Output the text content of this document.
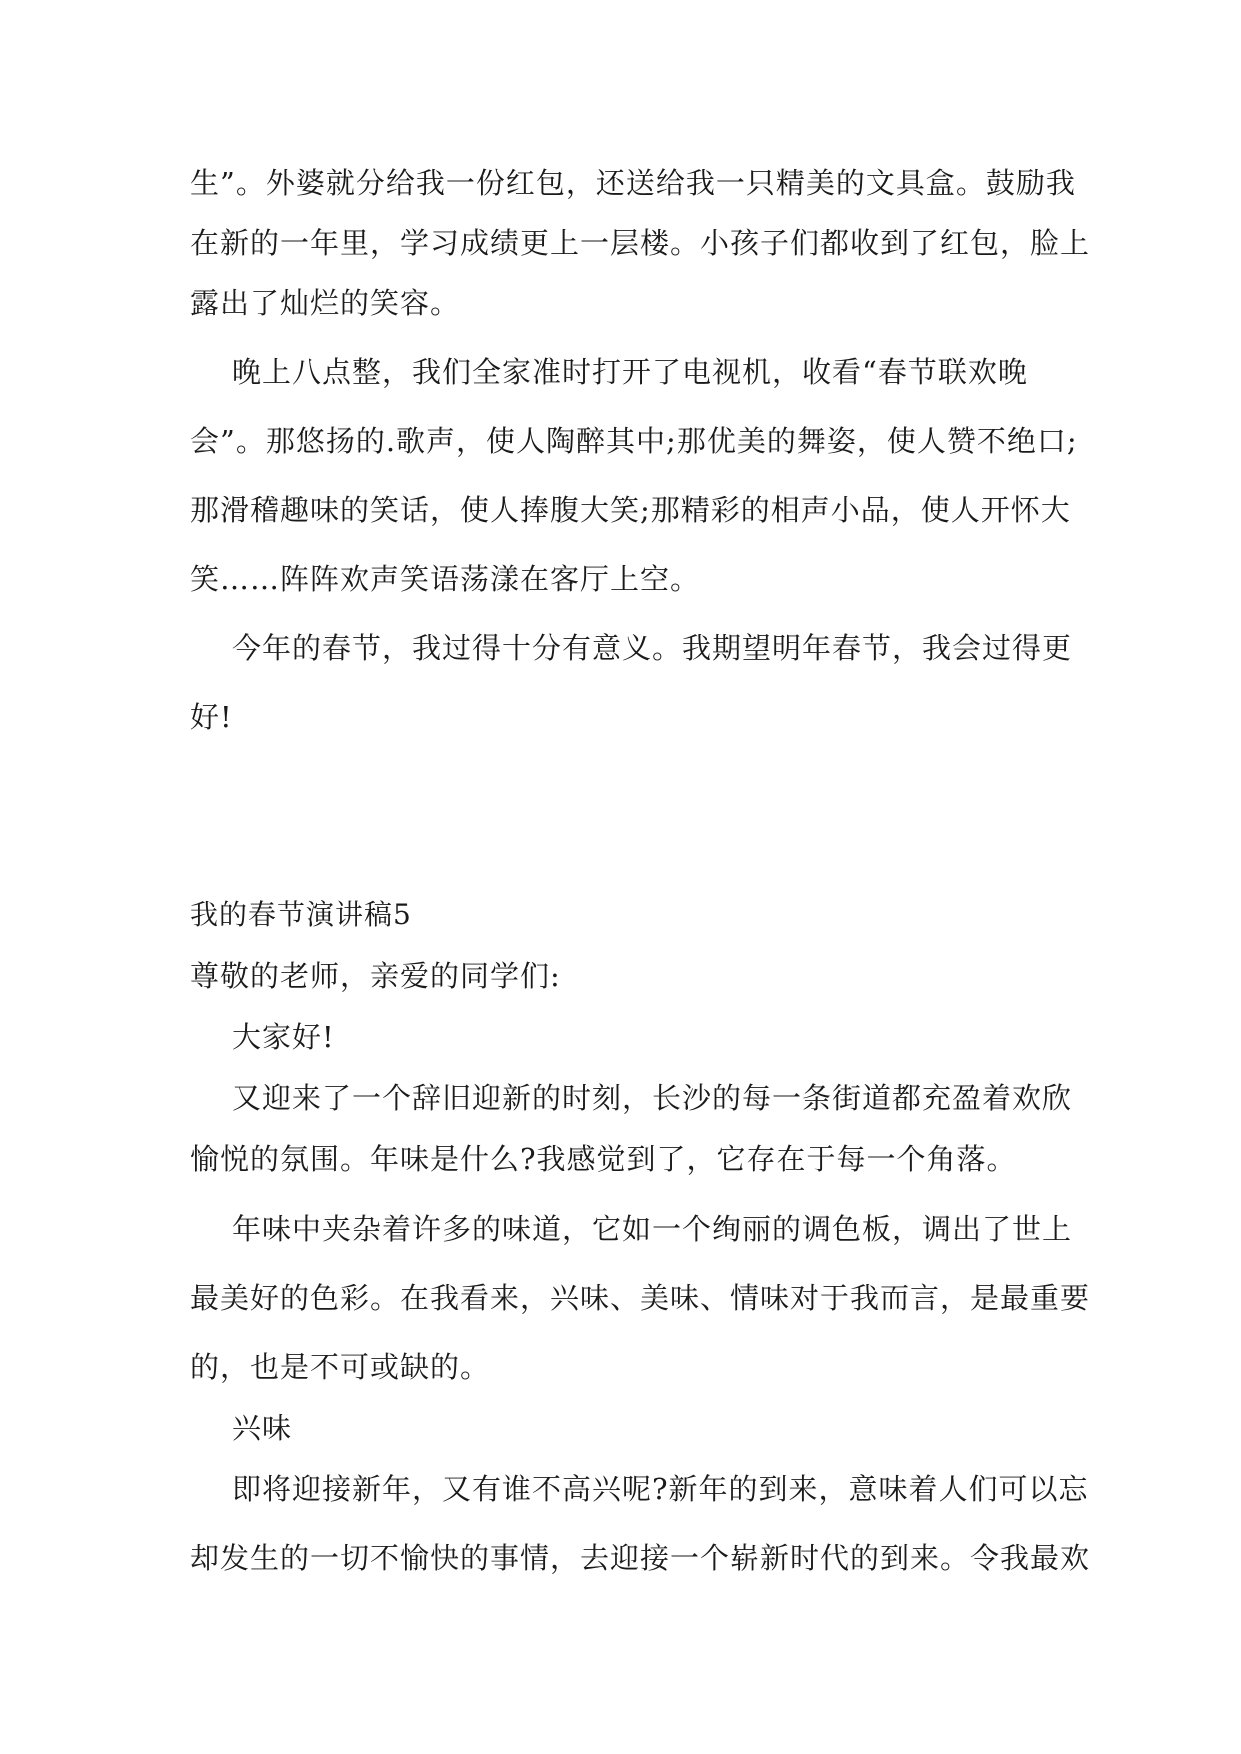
生”。外婆就分给我一份红包，还送给我一只精美的文具盒。鼓励我
在新的一年里，学习成绩更上一层楼。小孩子们都收到了红包，脸上
露出了灿烂的笑容。
晚上八点整，我们全家准时打开了电视机，收看“春节联欢晚
会”。那悠扬的.歌声，使人陶醉其中;那优美的舞姿，使人赞不绝口;
那滑稽趣味的笑话，使人捧腹大笑;那精彩的相声小品，使人开怀大
笑……阵阵欢声笑语荡漾在客厅上空。
今年的春节，我过得十分有意义。我期望明年春节，我会过得更
好!
我的春节演讲稿5
尊敬的老师，亲爱的同学们:
大家好!
又迎来了一个辞旧迎新的时刻，长沙的每一条街道都充盈着欢欣
愉悦的氛围。年味是什么?我感觉到了，它存在于每一个角落。
年味中夹杂着许多的味道，它如一个绚丽的调色板，调出了世上
最美好的色彩。在我看来，兴味、美味、情味对于我而言，是最重要
的，也是不可或缺的。
兴味
即将迎接新年，又有谁不高兴呢?新年的到来，意味着人们可以忘
却发生的一切不愉快的事情，去迎接一个崭新时代的到来。令我最欢
